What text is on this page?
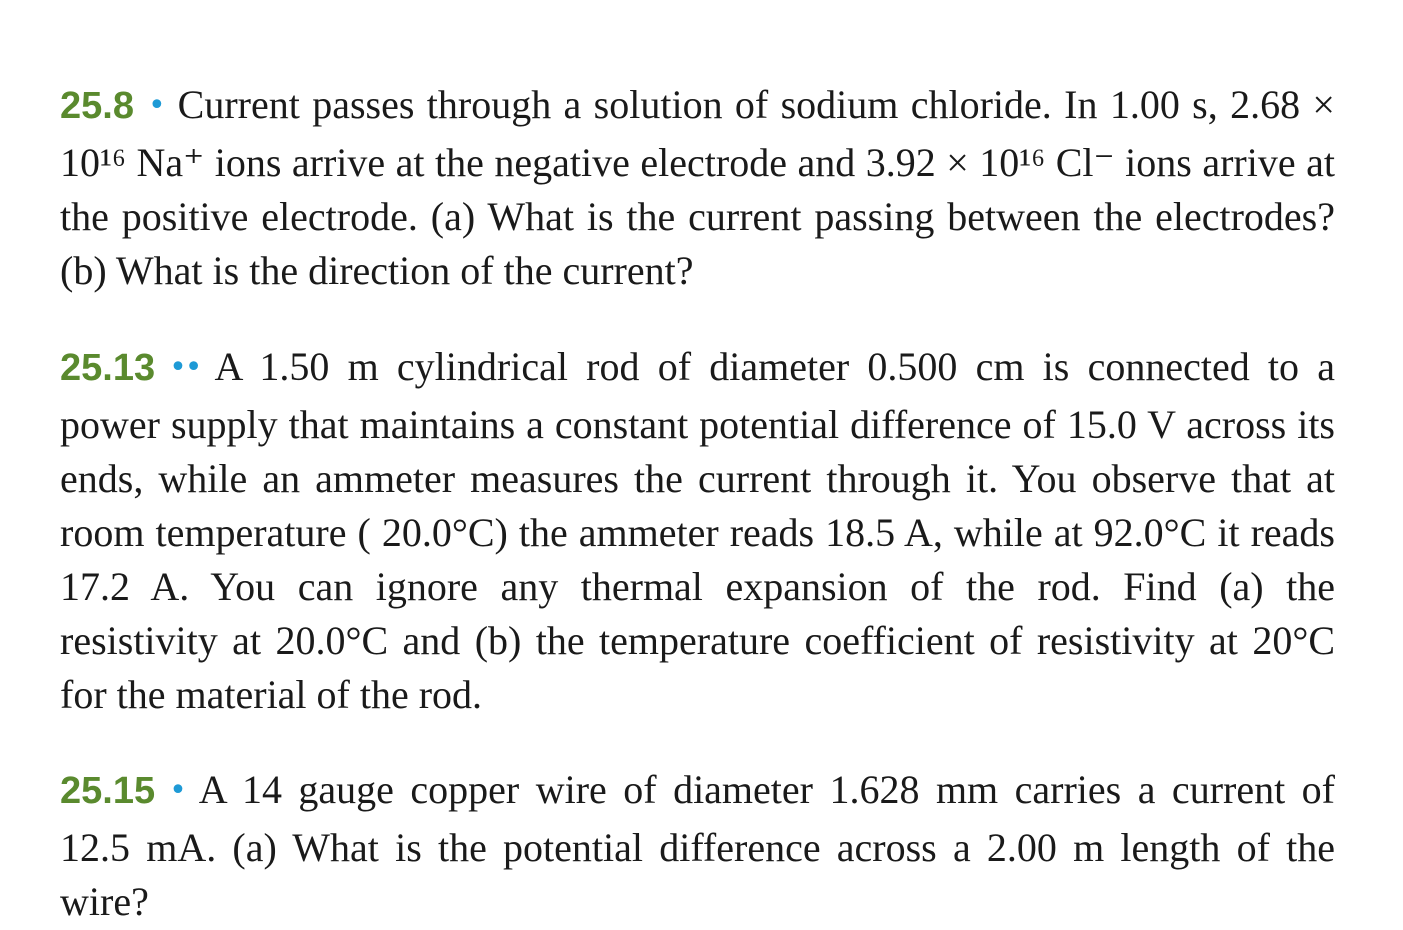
25.8 • Current passes through a solution of sodium chloride. In 1.00 s, 2.68 × 10¹⁶ Na⁺ ions arrive at the negative electrode and 3.92 × 10¹⁶ Cl⁻ ions arrive at the positive electrode. (a) What is the current passing between the electrodes? (b) What is the direction of the current?
25.13 •• A 1.50 m cylindrical rod of diameter 0.500 cm is connected to a power supply that maintains a constant potential difference of 15.0 V across its ends, while an ammeter measures the current through it. You observe that at room temperature ( 20.0°C) the ammeter reads 18.5 A, while at 92.0°C it reads 17.2 A. You can ignore any thermal expansion of the rod. Find (a) the resistivity at 20.0°C and (b) the temperature coefficient of resistivity at 20°C for the material of the rod.
25.15 • A 14 gauge copper wire of diameter 1.628 mm carries a current of 12.5 mA. (a) What is the potential difference across a 2.00 m length of the wire?
